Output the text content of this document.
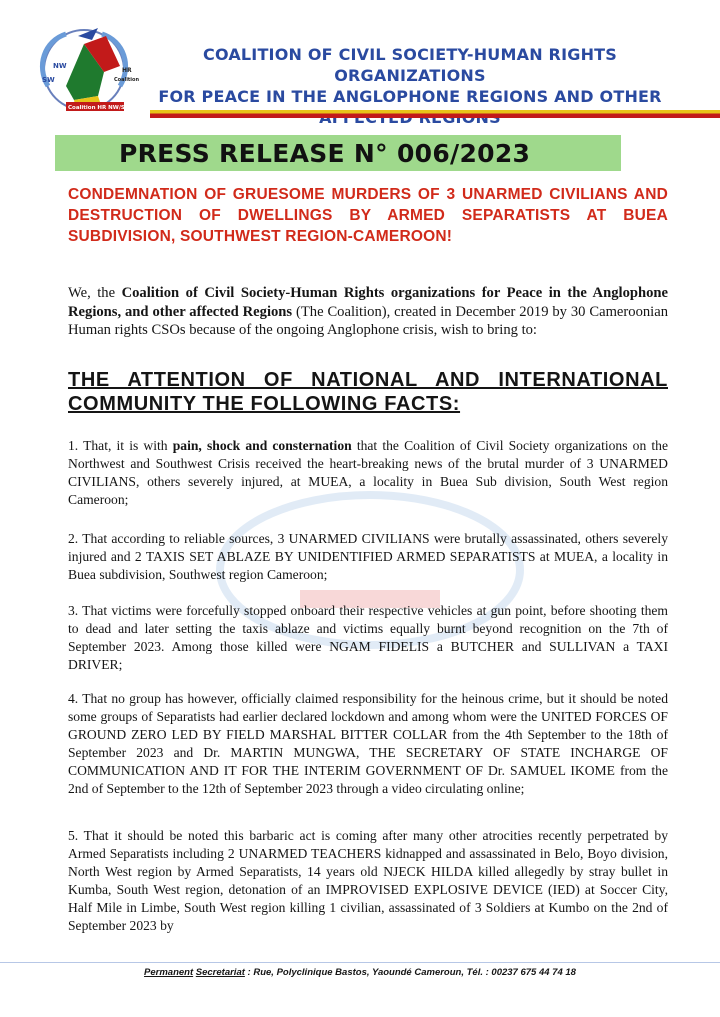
NW
SW
HR
Coalition
Coalition HR NW/SW
COALITION OF CIVIL SOCIETY-HUMAN RIGHTS ORGANIZATIONS
FOR PEACE IN THE ANGLOPHONE REGIONS AND OTHER
PRESS RELEASE N° 006/2023
CONDEMNATION OF GRUESOME MURDERS OF 3 UNARMED CIVILIANS AND DESTRUCTION OF DWELLINGS BY ARMED SEPARATISTS AT BUEA SUBDIVISION, SOUTHWEST REGION-CAMEROON!
We, the Coalition of Civil Society-Human Rights organizations for Peace in the Anglophone Regions, and other affected Regions (The Coalition), created in December 2019 by 30 Cameroonian Human rights CSOs because of the ongoing Anglophone crisis, wish to bring to:
THE ATTENTION OF NATIONAL AND INTERNATIONAL COMMUNITY THE FOLLOWING FACTS:
1. That, it is with pain, shock and consternation that the Coalition of Civil Society organizations on the Northwest and Southwest Crisis received the heart-breaking news of the brutal murder of 3 UNARMED CIVILIANS, others severely injured, at MUEA, a locality in Buea Sub division, South West region Cameroon;
2. That according to reliable sources, 3 UNARMED CIVILIANS were brutally assassinated, others severely injured and 2 TAXIS SET ABLAZE BY UNIDENTIFIED ARMED SEPARATISTS at MUEA, a locality in Buea subdivision, Southwest region Cameroon;
3. That victims were forcefully stopped onboard their respective vehicles at gun point, before shooting them to dead and later setting the taxis ablaze and victims equally burnt beyond recognition on the 7th of September 2023. Among those killed were NGAM FIDELIS a BUTCHER and SULLIVAN a TAXI DRIVER;
4. That no group has however, officially claimed responsibility for the heinous crime, but it should be noted some groups of Separatists had earlier declared lockdown and among whom were the UNITED FORCES OF GROUND ZERO LED BY FIELD MARSHAL BITTER COLLAR from the 4th September to the 18th of September 2023 and Dr. MARTIN MUNGWA, THE SECRETARY OF STATE INCHARGE OF COMMUNICATION AND IT FOR THE INTERIM GOVERNMENT OF Dr. SAMUEL IKOME from the 2nd of September to the 12th of September 2023 through a video circulating online;
5. That it should be noted this barbaric act is coming after many other atrocities recently perpetrated by Armed Separatists including 2 UNARMED TEACHERS kidnapped and assassinated in Belo, Boyo division, North West region by Armed Separatists, 14 years old NJECK HILDA killed allegedly by stray bullet in Kumba, South West region, detonation of an IMPROVISED EXPLOSIVE DEVICE (IED) at Soccer City, Half Mile in Limbe, South West region killing 1 civilian, assassinated of 3 Soldiers at Kumbo on the 2nd of September 2023 by
Permanent Secretariat : Rue, Polyclinique Bastos, Yaoundé Cameroun, Tél. : 00237 675 44 74 18
